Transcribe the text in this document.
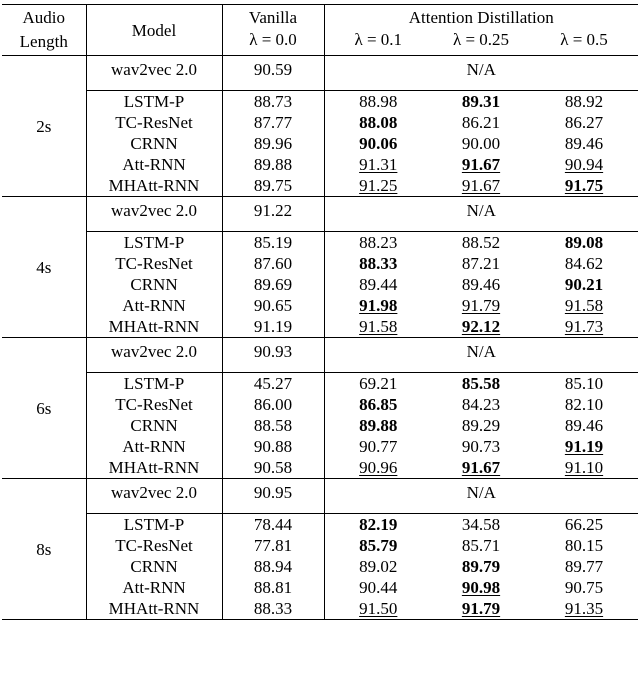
Audio Length	Model	Vanilla	Attention Distillation		
		λ = 0.0	λ = 0.1	λ = 0.25	λ = 0.5
2s	wav2vec 2.0	90.59	N/A		

	LSTM-P	88.73	88.98	89.31	88.92
	TC-ResNet	87.77	88.08	86.21	86.27
	CRNN	89.96	90.06	90.00	89.46
	Att-RNN	89.88	91.31	91.67	90.94
	MHAtt-RNN	89.75	91.25	91.67	91.75
4s	wav2vec 2.0	91.22	N/A		

	LSTM-P	85.19	88.23	88.52	89.08
	TC-ResNet	87.60	88.33	87.21	84.62
	CRNN	89.69	89.44	89.46	90.21
	Att-RNN	90.65	91.98	91.79	91.58
	MHAtt-RNN	91.19	91.58	92.12	91.73
6s	wav2vec 2.0	90.93	N/A		

	LSTM-P	45.27	69.21	85.58	85.10
	TC-ResNet	86.00	86.85	84.23	82.10
	CRNN	88.58	89.88	89.29	89.46
	Att-RNN	90.88	90.77	90.73	91.19
	MHAtt-RNN	90.58	90.96	91.67	91.10
8s	wav2vec 2.0	90.95	N/A		

	LSTM-P	78.44	82.19	34.58	66.25
	TC-ResNet	77.81	85.79	85.71	80.15
	CRNN	88.94	89.02	89.79	89.77
	Att-RNN	88.81	90.44	90.98	90.75
	MHAtt-RNN	88.33	91.50	91.79	91.35
